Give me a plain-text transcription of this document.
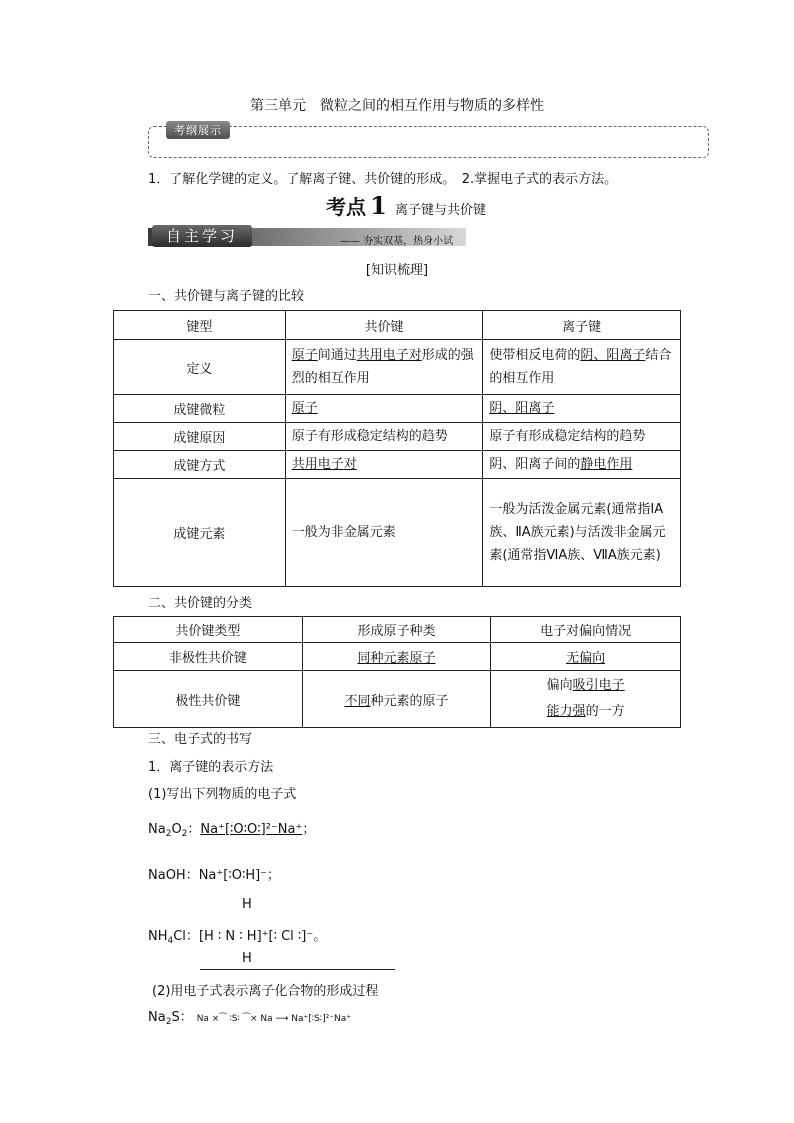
第三单元　微粒之间的相互作用与物质的多样性
考纲展示
1．了解化学键的定义。了解离子键、共价键的形成。　2.掌握电子式的表示方法。
考点 1 离子键与共价键
自主学习	—— 夯实双基，热身小试
[知识梳理]
一、共价键与离子键的比较
键型	共价键	离子键
定义	原子间通过共用电子对形成的强烈的相互作用	使带相反电荷的阴、阳离子结合的相互作用
成键微粒	原子	阴、阳离子
成键原因	原子有形成稳定结构的趋势	原子有形成稳定结构的趋势
成键方式	共用电子对	阴、阳离子间的静电作用
成键元素	一般为非金属元素	一般为活泼金属元素(通常指ⅠA族、ⅡA族元素)与活泼非金属元素(通常指ⅥA族、ⅦA族元素)
二、共价键的分类
共价键类型	形成原子种类	电子对偏向情况
非极性共价键	同种元素原子	无偏向
极性共价键	不同种元素的原子	偏向吸引电子
能力强的一方
三、电子式的书写
1．离子键的表示方法
(1)写出下列物质的电子式
$Na_2O_2$：Na⁺[∶O∶O∶]²⁻Na⁺；
NaOH：Na⁺[∶O∶H]⁻；
H
$NH_4Cl$：[H ∶ N ∶ H]⁺[∶ Cl ∶]⁻。
H
(2)用电子式表示离子化合物的形成过程
$Na_2S$： Na ×⁀ ∶S∶ ⁀× Na ⟶ Na⁺[∶S∶]²⁻Na⁺
